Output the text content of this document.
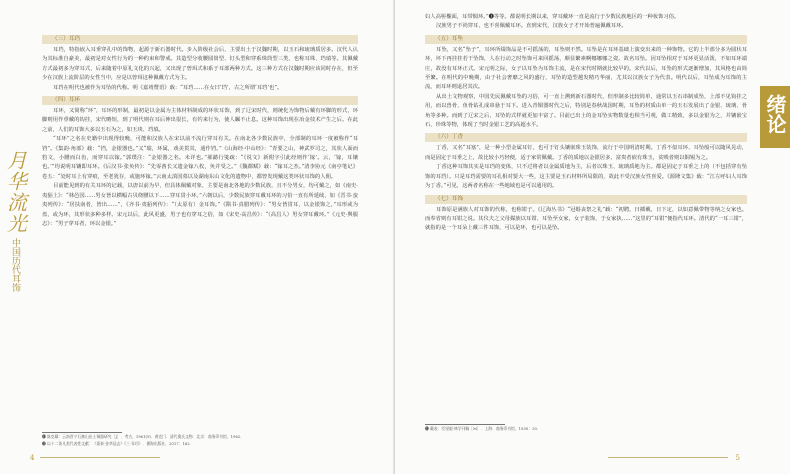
月华流光
中国历代耳饰
（三）耳珰

耳珰，特指嵌入耳垂穿孔中的饰物，起源于新石器时代。步入阶级社会后，主要出土于汉魏时期，以玉石和琉璃质居多。汉代人认为其标准自豪美，最初是对女性行为的一种约束和警戒。其造型分收腰圆筒型、钉头型和穿系珠筒型三类，也称耳珠、珰瑱等。其佩戴方式最初多为穿耳式，后来随着中原礼文化的兴起，又出现了曾珥式和系于耳部两种方式。这三种方式在汉魏时期应该同时存在，但至少在汉族上流阶层的女性当中，应是以曾珥这种佩戴方式为主。

耳珰在明代也被作为耳坠的代称。明《嘉靖赞语》载：“耳珰……在女曰‘珰’，古之所谓‘耳珰’也”。

（四）耳环

耳环，又简称“环”，耳环的形制，最初是以金属为主体材料制成的环状耳饰，到了辽宋时代，则统化为饰物后戴有环脚的形式，环脚则用作垂戴的钩挂，宋代略短，到了明代则在耳后伸出很长，有钓来行为，使人瞩不止息。这种耳饰出现在冶金技术产生之后。在此之前，人们的耳饰大多以玉石为之，如玉玦、珰瑱。

“耳环”之名在史籍中出现得较晚，可能和汉族人在宋以前不流行穿耳有关。在南北各少数民族中，全部制的耳环一度被称作“耳铛”。《集韵·角部》载：“铛，金银器也。”又“璫，环属，戏美贯其，通作铛。”《山海经·中山经》：“青要之山，神武罗司之，其状人面而豹文，小腰而白齿，而穿耳以镓。”郭璞注：“金银器之名。未详也。”郝懿行笺疏：“《说文》新附字引此经则作‘镓’。云，‘镓，耳镶也。’”均说明耳镶即耳环。《后汉书·张奂传》：“先零酋长又遗金镓八枚，奂并受之。”《魏都赋》载：“镓耳之杰。”清李协元《南亭笔记》卷五：“处时耳上有穿痕，至老犹存，或施环镓。”云南太滇国墓以及湖南东山文化的遗物中，都曾发现戴这类环状耳饰的人佣。

目前能见到的有关耳环的记载，以唐以前为早，但具体佩戴对象，主要是南北各地的少数民族，且不分男女，均可戴之，如《南史·夷貊上》：“林邑国……男女皆以横幅古贝绕腰以下……穿耳贯小环。”六朝以后，少数民族穿耳戴耳环的习俗一直有所延续，如《晋书·蛮夷列传》：“居扶南者，皆出……”，《齐书·夷貊列传》：“（太原有）金耳饰。”《隋书·真腊列传》：“男女皆贯耳，以金银饰之，”耳形或为盘，或为环，其形状多种多样。宋元以后，此风更盛，男子也有穿耳之俗，如《宋史·高昌传》：“（高昌人）男女穿耳戴环。”《元史·舆服志》：“男子穿耳者，环以金银。”

❶ 陈克耀：云南晋宁石寨山出土铜器研究［J］．考古，1961(9)．黄克门．清代奥氏文物．北京：商务印书馆，1962．
❷ 以十二条凡类代表性文献：《嘉泰·金华县志》《三·耳珰》．暑海出版社，2017：162．
4
绪论

妇人高髻椭面，耳带铜环。”❶等等。都说明长期以来，穿耳戴环一直是流行于少数民族地区的一种妆饰习俗。

汉族男子不尚穿耳，也不喜佩戴耳环。直到宋代，汉族女子才开始普遍佩戴耳环。

（五）耳坠

耳坠，又名“坠子”，耳环所缀饰品是不可摇荡的，耳坠则不然。耳坠是在耳环基础上演变出来的一种饰物。它的上半部分多为圆状耳环，坏下再挂挂若干坠饰，人在行动之时坠饰可来回摇荡，颇显繁素啊娜娜娜之姿。故名耳坠。因耳坠相对于耳环更显活泼，不如耳环端庄，故没有耳环正式。宋元明之际，女子以耳坠为耳饰主流，是在宋代时期就比较早的。宋代以后，耳坠的形式逐渐增加，其风格也由简至繁。在明代的中晚期，由于社会奢靡之风的盛行，耳坠的造型越发精巧华丽，尤其以汉族女子为代表。明代以后，耳坠成为耳饰的主流，而耳环则退居其次。

从出土文物观察，中国先民佩戴耳坠的习俗，可一直上溯到新石器时代，但形制多比较简单，通常以玉石串制成坠，上部不见钩挂之用，而以兽骨、鱼骨钻孔成串悬于耳下。进入青铜器时代之后，特别是春秋战国时期，耳坠的材质由单一的玉石发展出了金银、琉璃、骨角等多种。而到了辽宋之后，耳坠的式样就更加丰富了。目前已出土的金耳坠实物数量也相当可观，做工精致，多以金银为之，并镶嵌宝石、珍珠等物，体现了当时金银工艺的高超水平。

（六）丁香

丁香，又名“耳塞”，是一种小型金属耳钉，也可于钉头镶嵌珠玉装饰，流行于中国明清时期。丁香不似耳环、耳坠般可以随风晃动，而是固定于耳垂之上，故比较小巧轻便，适于家常佩戴。丁香的质地以金银居多，富贵者嵌有珠玉，贫贱者则以铜锡为之。

丁香这种耳饰其实是耳珰的变体，只不过将者以金属质地为主，后者以珠玉、琉璃质地为主。都是固定于耳垂之上的（不包括穿有坠饰的耳珰）。只是耳珰需要的耳孔相对要大一些，这主要是玉石材料所局限的，故此不受汉族女性喜爱。《源隆文集》载：“江左呼妇人耳饰为丁香。”可见，这两者名称在一些地域也是可以通用的。

（七）耳饰

耳饰原是满族人对耳饰的代称，也称钳子。《辽海丛书》“冠婚丧祭之礼”载：“初聘，曰插戴，日下定，以如意佩带物等纳之女家也。而奉省则有耳钳之说。其仪夫之父母媒族以耳钳、耳坠至女家，女子装饰，于女家执……”这里的“耳钳”便指代耳环。清代的“一耳三钳”，就指的是一个耳朵上戴三件耳饰，可以是环，也可以是坠。

❶ 戴表：臣坚毅·林学刊稿［M］．上海：商务印书馆，1930：20．
5
